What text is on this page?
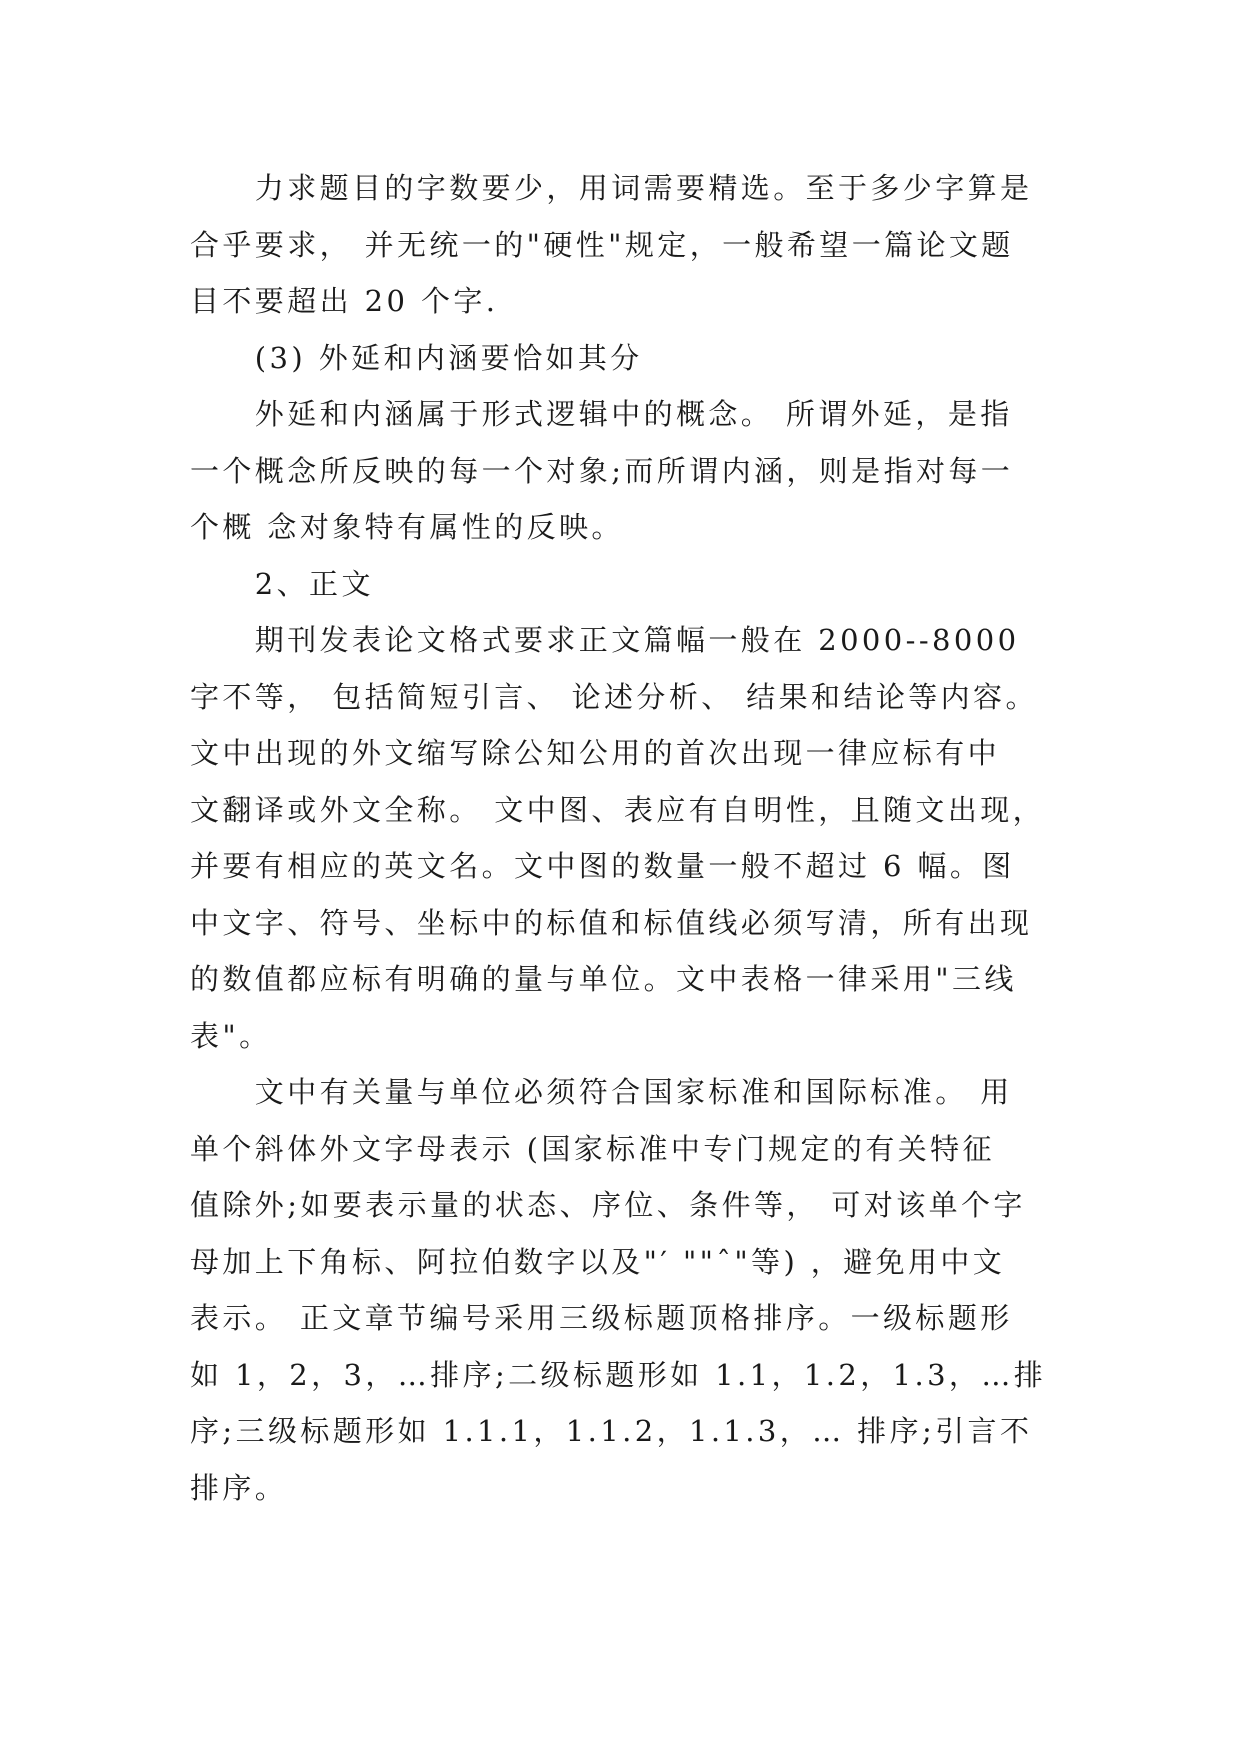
　　力求题目的字数要少，用词需要精选。至于多少字算是

合乎要求， 并无统一的"硬性"规定，一般希望一篇论文题

目不要超出 20 个字.

　　(3) 外延和内涵要恰如其分

　　外延和内涵属于形式逻辑中的概念。 所谓外延，是指

一个概念所反映的每一个对象;而所谓内涵，则是指对每一

个概 念对象特有属性的反映。

　　2、正文

　　期刊发表论文格式要求正文篇幅一般在 2000--8000

字不等， 包括简短引言、 论述分析、 结果和结论等内容。

文中出现的外文缩写除公知公用的首次出现一律应标有中

文翻译或外文全称。 文中图、表应有自明性，且随文出现，

并要有相应的英文名。文中图的数量一般不超过 6 幅。图

中文字、符号、坐标中的标值和标值线必须写清，所有出现

的数值都应标有明确的量与单位。文中表格一律采用"三线

表"。

　　文中有关量与单位必须符合国家标准和国际标准。 用

单个斜体外文字母表示 (国家标准中专门规定的有关特征

值除外;如要表示量的状态、序位、条件等， 可对该单个字

母加上下角标、阿拉伯数字以及"′ ""ˆ"等) ，避免用中文

表示。 正文章节编号采用三级标题顶格排序。一级标题形

如 1，2，3，…排序;二级标题形如 1.1，1.2，1.3，…排

序;三级标题形如 1.1.1，1.1.2，1.1.3，… 排序;引言不

排序。
